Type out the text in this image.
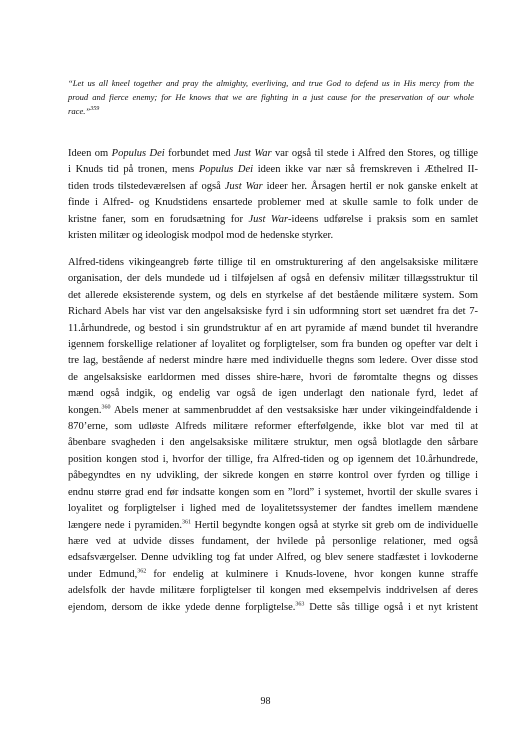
“Let us all kneel together and pray the almighty, everliving, and true God to defend us in His mercy from the
proud and fierce enemy; for He knows that we are fighting in a just cause for the preservation of our whole
race.”$^{359}$

Ideen om Populus Dei forbundet med Just War var også til stede i Alfred den Stores, og tillige
i Knuds tid på tronen, mens Populus Dei ideen ikke var nær så fremskreven i Æthelred II-
tiden trods tilstedeværelsen af også Just War ideer her. Årsagen hertil er nok ganske enkelt at
finde i Alfred- og Knudstidens ensartede problemer med at skulle samle to folk under de
kristne faner, som en forudsætning for Just War-ideens udførelse i praksis som en samlet
kristen militær og ideologisk modpol mod de hedenske styrker.

Alfred-tidens vikingeangreb førte tillige til en omstrukturering af den angelsaksiske militære
organisation, der dels mundede ud i tilføjelsen af også en defensiv militær tillægsstruktur til
det allerede eksisterende system, og dels en styrkelse af det bestående militære system. Som
Richard Abels har vist var den angelsaksiske fyrd i sin udformning stort set uændret fra det 7-
11.århundrede, og bestod i sin grundstruktur af en art pyramide af mænd bundet til hverandre
igennem forskellige relationer af loyalitet og forpligtelser, som fra bunden og opefter var delt i
tre lag, bestående af nederst mindre hære med individuelle thegns som ledere. Over disse stod
de angelsaksiske earldormen med disses shire-hære, hvori de føromtalte thegns og disses
mænd også indgik, og endelig var også de igen underlagt den nationale fyrd, ledet af
kongen.$^{360}$ Abels mener at sammenbruddet af den vestsaksiske hær under vikingeindfaldende i
870’erne, som udløste Alfreds militære reformer efterfølgende, ikke blot var med til at
åbenbare svagheden i den angelsaksiske militære struktur, men også blotlagde den sårbare
position kongen stod i, hvorfor der tillige, fra Alfred-tiden og op igennem det 10.århundrede,
påbegyndtes en ny udvikling, der sikrede kongen en større kontrol over fyrden og tillige i
endnu større grad end før indsatte kongen som en ”lord” i systemet, hvortil der skulle svares i
loyalitet og forpligtelser i lighed med de loyalitetssystemer der fandtes imellem mændene
længere nede i pyramiden.$^{361}$ Hertil begyndte kongen også at styrke sit greb om de individuelle
hære ved at udvide disses fundament, der hvilede på personlige relationer, med også
edsafsværgelser. Denne udvikling tog fat under Alfred, og blev senere stadfæstet i lovkoderne
under Edmund,$^{362}$ for endelig at kulminere i Knuds-lovene, hvor kongen kunne straffe
adelsfolk der havde militære forpligtelser til kongen med eksempelvis inddrivelsen af deres
ejendom, dersom de ikke ydede denne forpligtelse.$^{363}$ Dette sås tillige også i et nyt kristent

98
